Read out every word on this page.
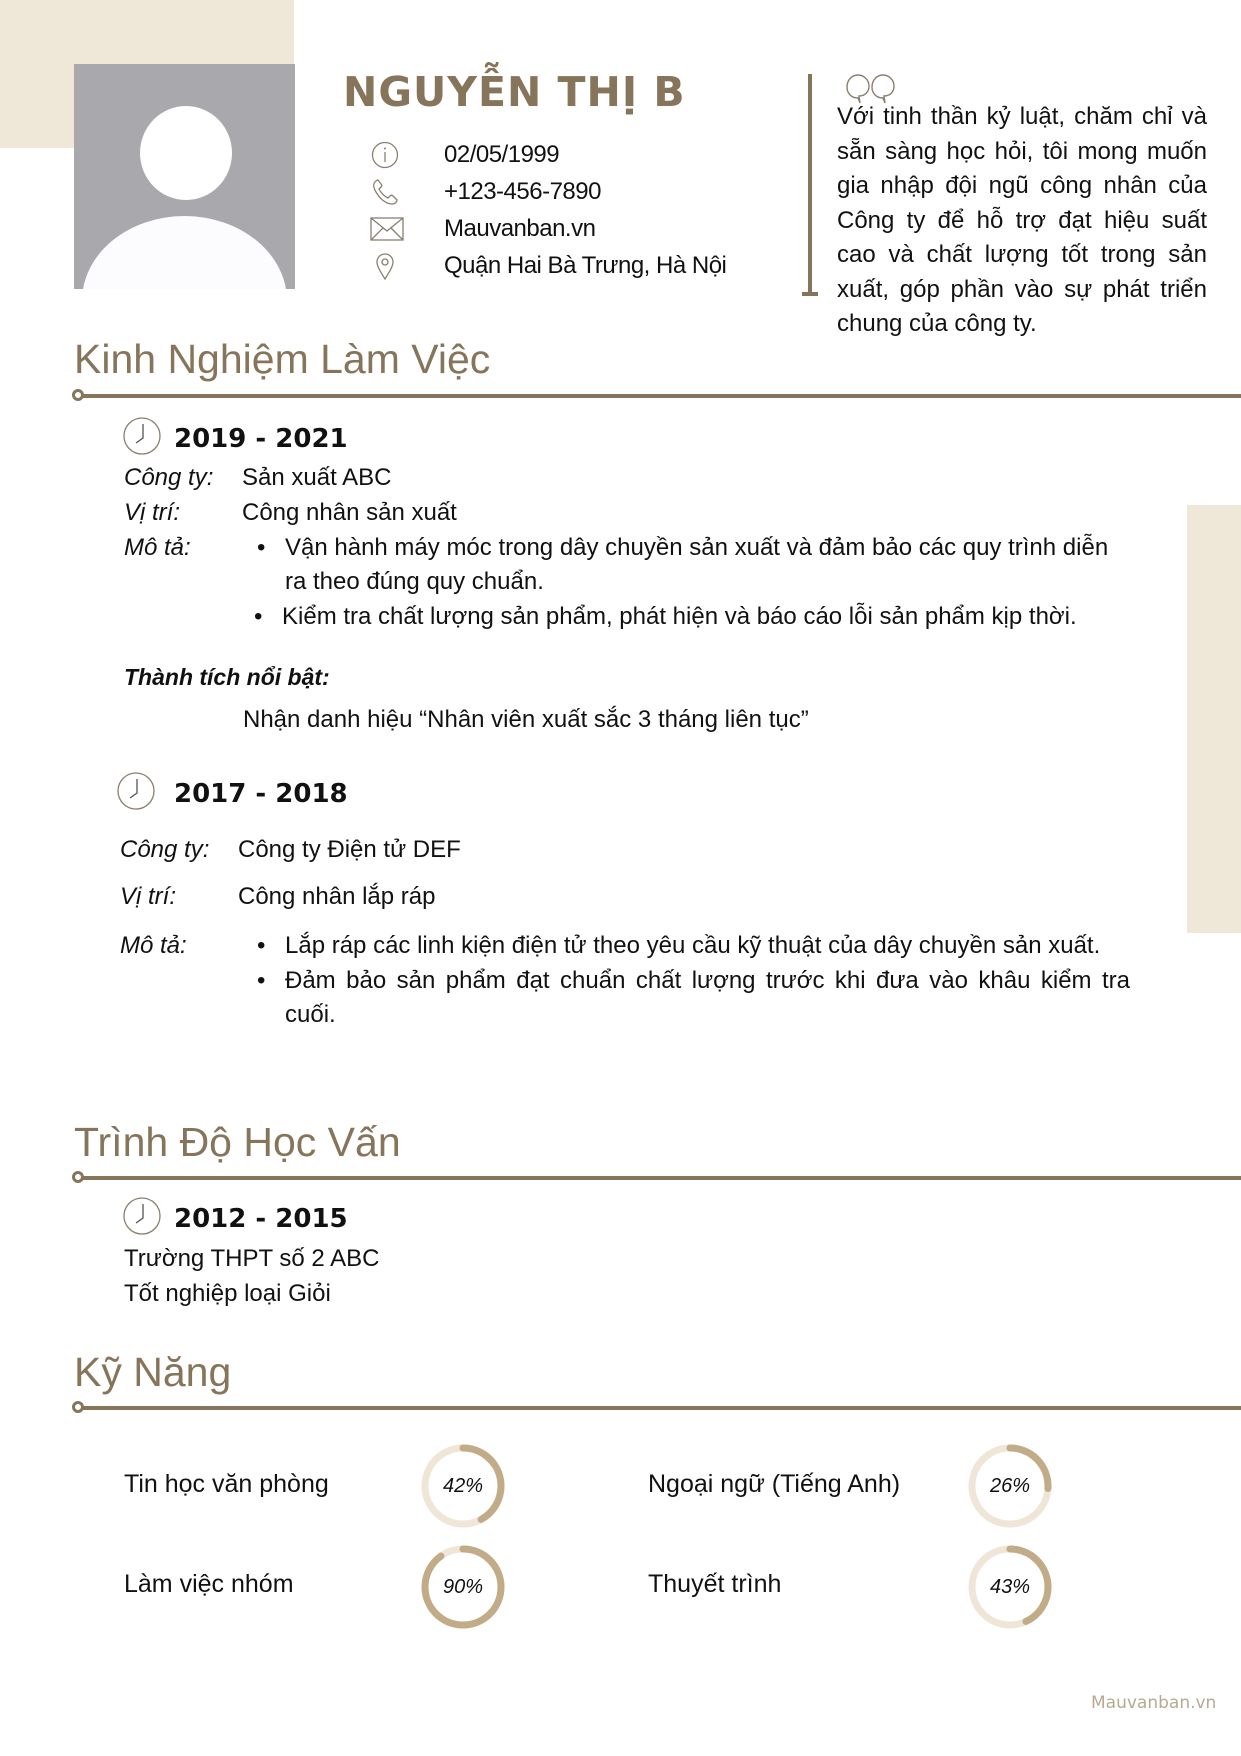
NGUYỄN THỊ B
02/05/1999
+123-456-7890
Mauvanban.vn
Quận Hai Bà Trưng, Hà Nội

Với tinh thần kỷ luật, chăm chỉ và sẵn sàng học hỏi, tôi mong muốn gia nhập đội ngũ công nhân của Công ty để hỗ trợ đạt hiệu suất cao và chất lượng tốt trong sản xuất, góp phần vào sự phát triển chung của công ty.

Kinh Nghiệm Làm Việc
2019 - 2021
Công ty: Sản xuất ABC
Vị trí:	Công nhân sản xuất
Mô tả:	• Vận hành máy móc trong dây chuyền sản xuất và đảm bảo các quy trình diễn ra theo đúng quy chuẩn.
• Kiểm tra chất lượng sản phẩm, phát hiện và báo cáo lỗi sản phẩm kịp thời.
Thành tích nổi bật:
Nhận danh hiệu “Nhân viên xuất sắc 3 tháng liên tục”
2017 - 2018
Công ty: Công ty Điện tử DEF
Vị trí:	Công nhân lắp ráp
Mô tả:	• Lắp ráp các linh kiện điện tử theo yêu cầu kỹ thuật của dây chuyền sản xuất.
• Đảm bảo sản phẩm đạt chuẩn chất lượng trước khi đưa vào khâu kiểm tra cuối.
Trình Độ Học Vấn
2012 - 2015
Trường THPT số 2 ABC
Tốt nghiệp loại Giỏi
Kỹ Năng
Tin học văn phòng	42%	Ngoại ngữ (Tiếng Anh)	26%
Làm việc nhóm	90%	Thuyết trình	43%
Mauvanban.vn
